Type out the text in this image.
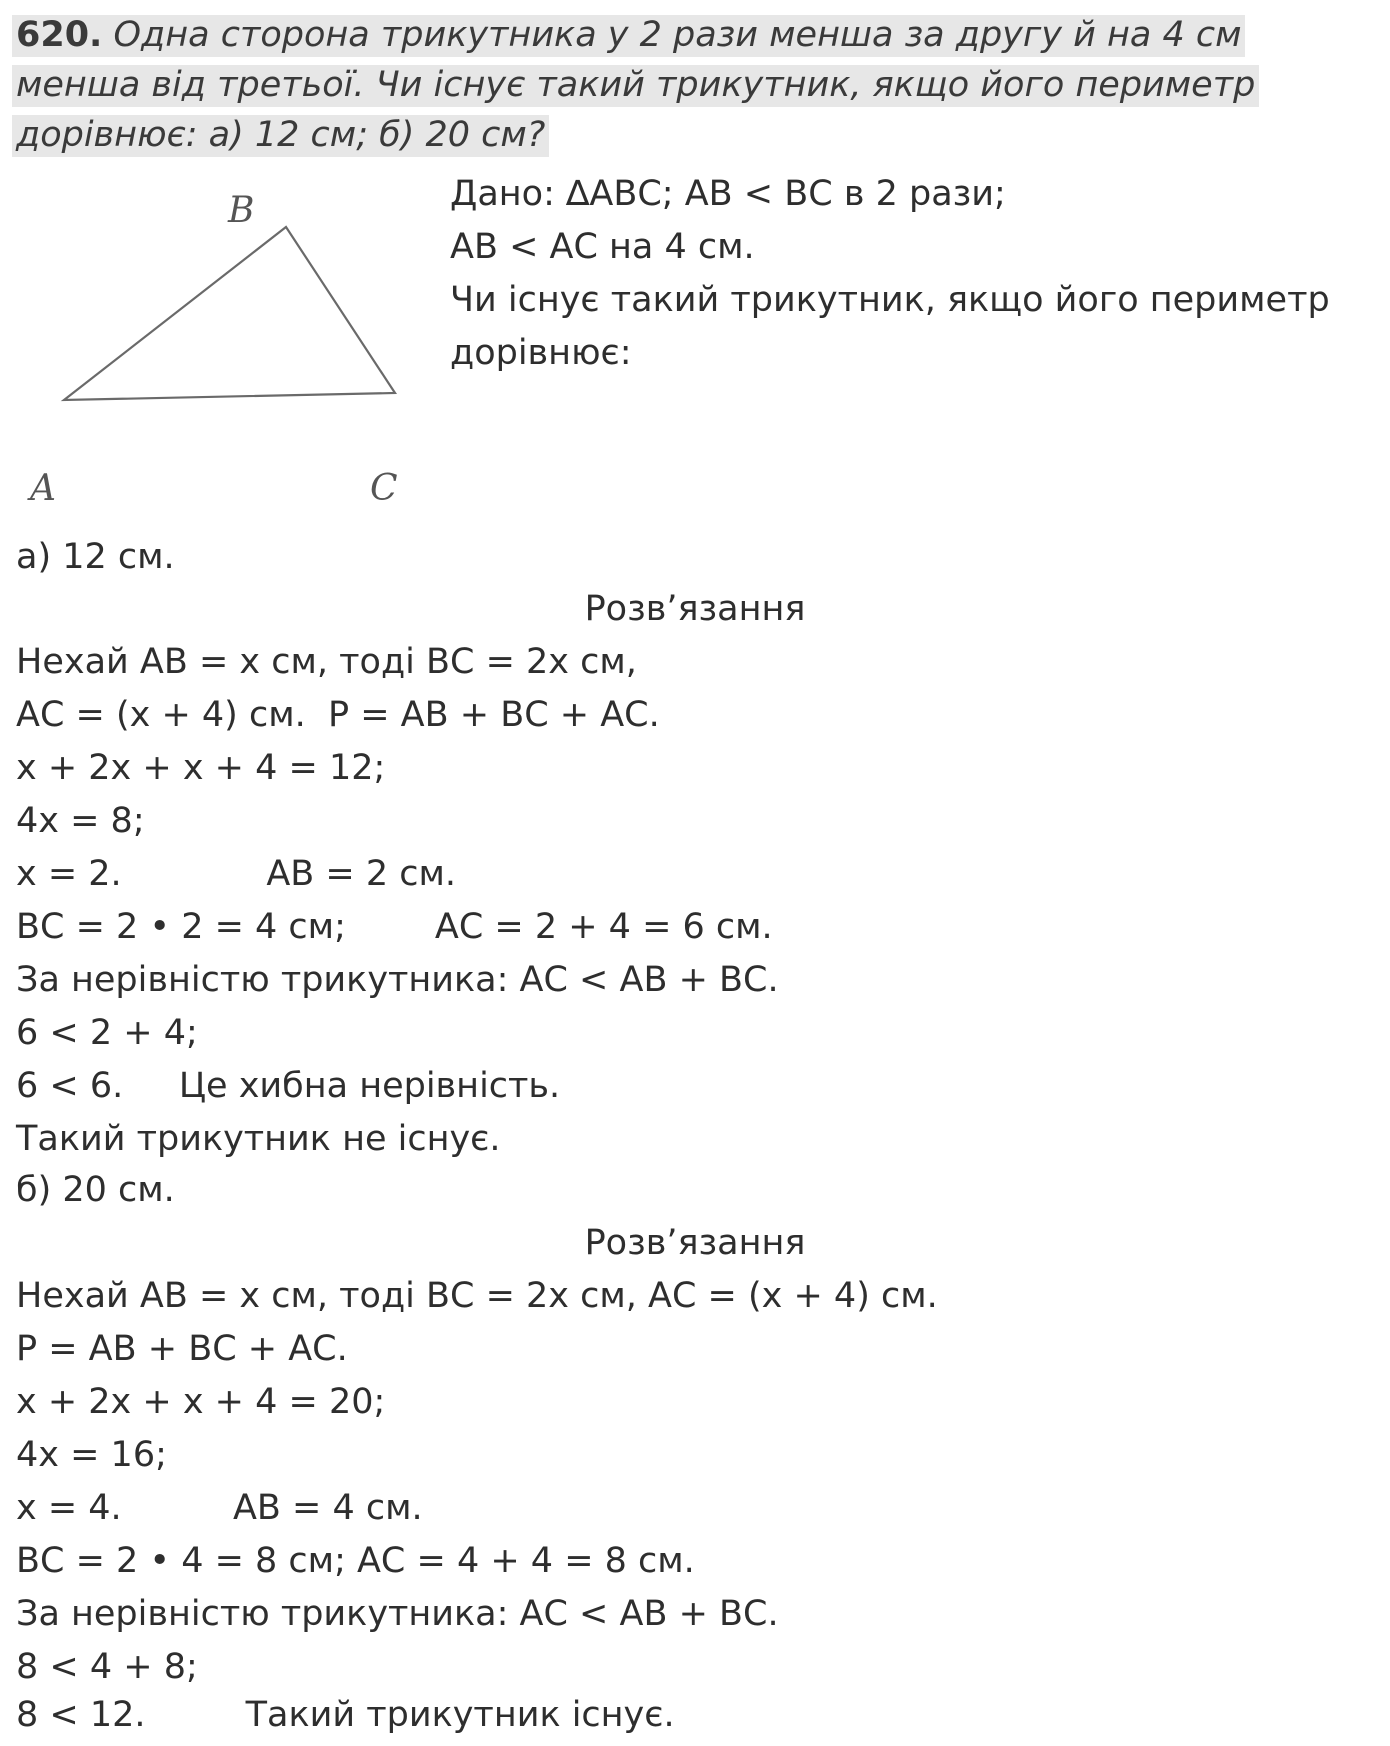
620. Одна сторона трикутника у 2 рази менша за другу й на 4 см
менша від третьої. Чи існує такий трикутник, якщо його периметр
дорівнює: а) 12 см; б) 20 см?
B
A	C
Дано: ∆АВС; АВ < ВС в 2 рази;
АВ < АС на 4 см.
Чи існує такий трикутник, якщо його периметр
дорівнює:
а) 12 см.
Розв’язання
Нехай АВ = х см, тоді ВС = 2х см,
АС = (х + 4) см.  Р = АВ + ВС + АС.
х + 2х + х + 4 = 12;
4х = 8;
х = 2.             АВ = 2 см.
ВС = 2 • 2 = 4 см;        АС = 2 + 4 = 6 см.
За нерівністю трикутника: АС < АВ + ВС.
6 < 2 + 4;
6 < 6.     Це хибна нерівність.
Такий трикутник не існує.
б) 20 см.
Розв’язання
Нехай АВ = х см, тоді ВС = 2х см, АС = (х + 4) см.
Р = АВ + ВС + АС.
х + 2х + х + 4 = 20;
4х = 16;
х = 4.          АВ = 4 см.
ВС = 2 • 4 = 8 см; АС = 4 + 4 = 8 см.
За нерівністю трикутника: АС < АВ + ВС.
8 < 4 + 8;
8 < 12.         Такий трикутник існує.
